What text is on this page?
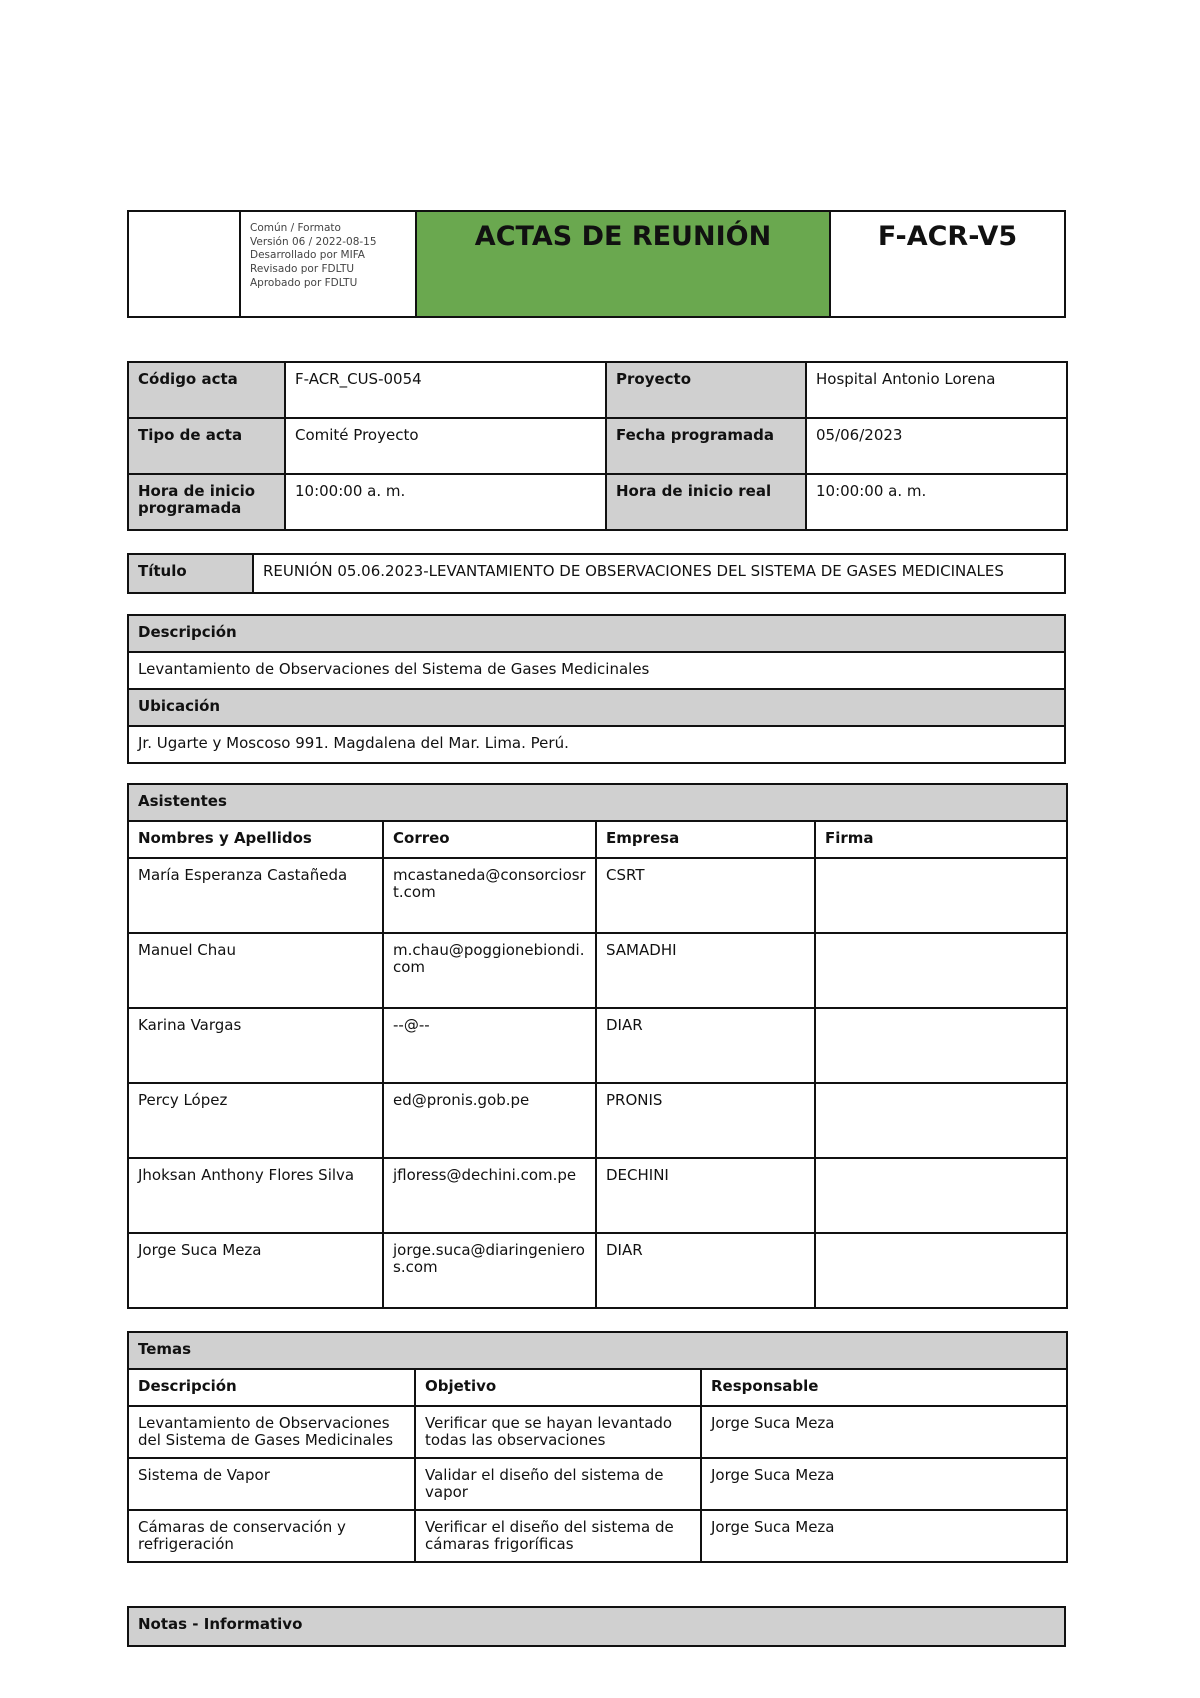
Común / Formato
Versión 06 / 2022-08-15
Desarrollado por MIFA
Revisado por FDLTU
Aprobado por FDLTU
	ACTAS DE REUNIÓN	F-ACR-V5
Código acta	F-ACR_CUS-0054	Proyecto	Hospital Antonio Lorena
Tipo de acta	Comité Proyecto	Fecha programada	05/06/2023
Hora de inicio programada	10:00:00 a. m.	Hora de inicio real	10:00:00 a. m.
Título	REUNIÓN 05.06.2023-LEVANTAMIENTO DE OBSERVACIONES DEL SISTEMA DE GASES MEDICINALES
Descripción
Levantamiento de Observaciones del Sistema de Gases Medicinales
Ubicación
Jr. Ugarte y Moscoso 991. Magdalena del Mar. Lima. Perú.
Asistentes			
Nombres y Apellidos	Correo	Empresa	Firma
María Esperanza Castañeda	mcastaneda@consorciosrt.com	CSRT	
Manuel Chau	m.chau@poggionebiondi.com	SAMADHI	
Karina Vargas	--@--	DIAR	
Percy López	ed@pronis.gob.pe	PRONIS	
Jhoksan Anthony Flores Silva	jfloress@dechini.com.pe	DECHINI	
Jorge Suca Meza	jorge.suca@diaringenieros.com	DIAR	
Temas		
Descripción	Objetivo	Responsable
Levantamiento de Observaciones del Sistema de Gases Medicinales	Verificar que se hayan levantado todas las observaciones	Jorge Suca Meza
Sistema de Vapor	Validar el diseño del sistema de vapor	Jorge Suca Meza
Cámaras de conservación y refrigeración	Verificar el diseño del sistema de cámaras frigoríficas	Jorge Suca Meza
Notas - Informativo
